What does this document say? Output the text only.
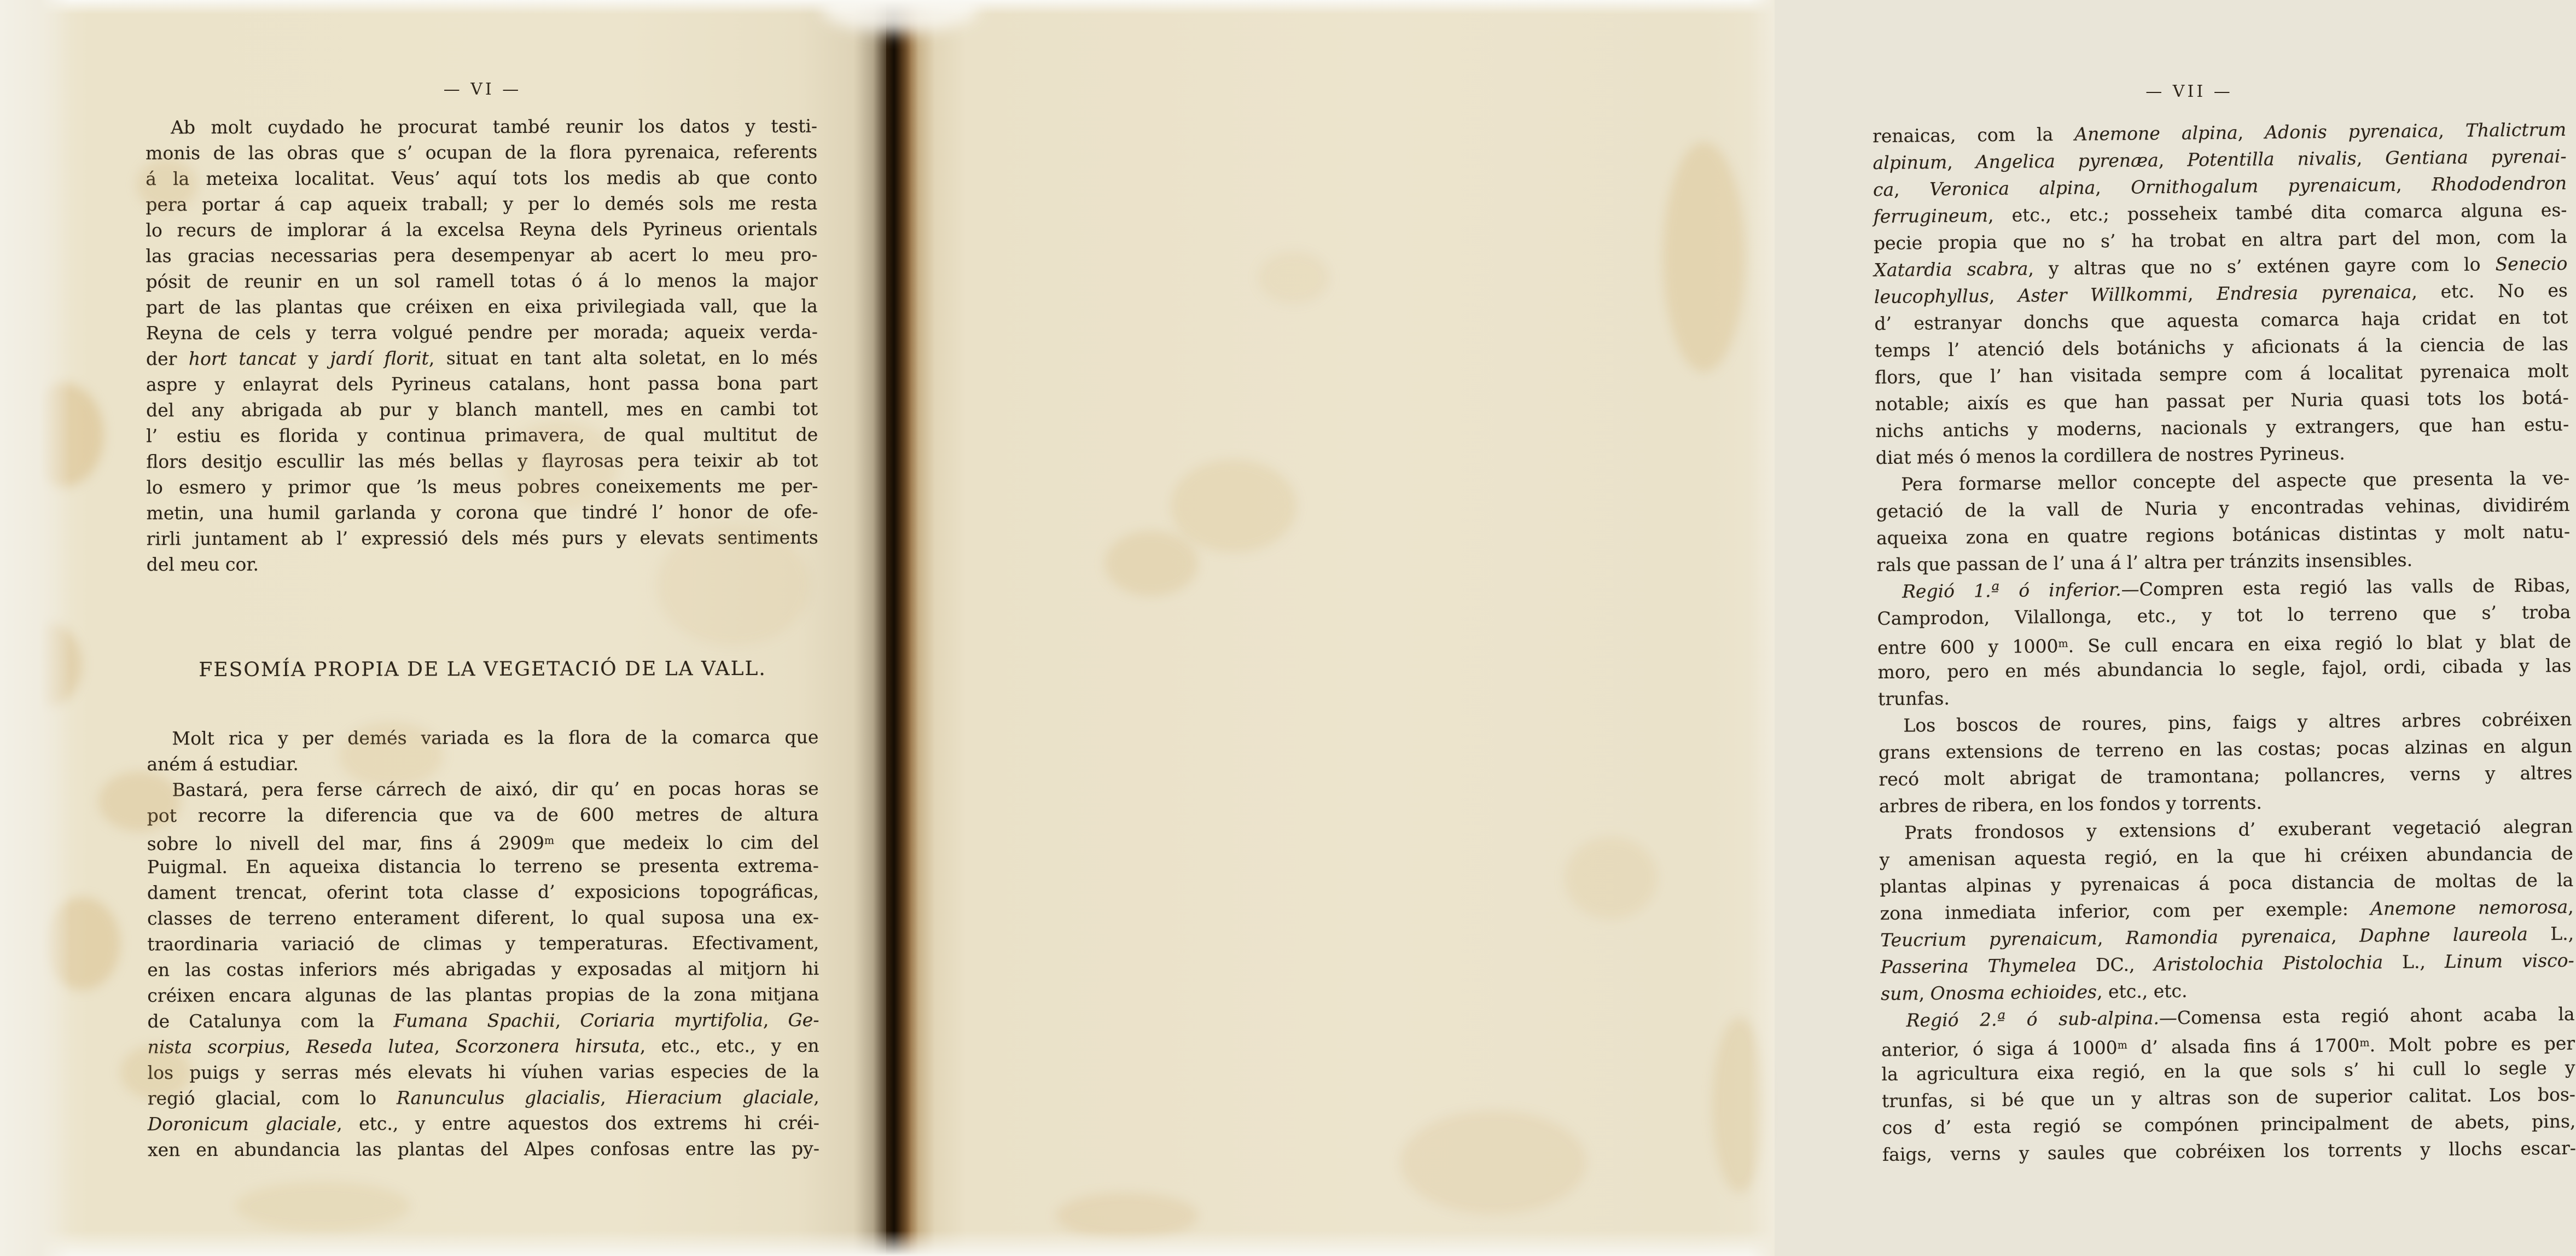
— VI —
Ab molt cuydado he procurat també reunir los datos y testi-
monis de las obras que s’ ocupan de la flora pyrenaica, referents
á la meteixa localitat. Veus’ aquí tots los medis ab que conto
pera portar á cap aqueix traball; y per lo demés sols me resta
lo recurs de implorar á la excelsa Reyna dels Pyrineus orientals
las gracias necessarias pera desempenyar ab acert lo meu pro-
pósit de reunir en un sol ramell totas ó á lo menos la major
part de las plantas que créixen en eixa privilegiada vall, que la
Reyna de cels y terra volgué pendre per morada; aqueix verda-
der hort tancat y jardí florit, situat en tant alta soletat, en lo més
aspre y enlayrat dels Pyrineus catalans, hont passa bona part
del any abrigada ab pur y blanch mantell, mes en cambi tot
l’ estiu es florida y continua primavera, de qual multitut de
flors desitjo escullir las més bellas y flayrosas pera teixir ab tot
lo esmero y primor que ’ls meus pobres coneixements me per-
metin, una humil garlanda y corona que tindré l’ honor de ofe-
rirli juntament ab l’ expressió dels més purs y elevats sentiments
del meu cor.
FESOMÍA PROPIA DE LA VEGETACIÓ DE LA VALL.
Molt rica y per demés variada es la flora de la comarca que
aném á estudiar.
Bastará, pera ferse cárrech de aixó, dir qu’ en pocas horas se
pot recorre la diferencia que va de 600 metres de altura
sobre lo nivell del mar, fins á 2909$^m$ que medeix lo cim del
Puigmal. En aqueixa distancia lo terreno se presenta extrema-
dament trencat, oferint tota classe d’ exposicions topográficas,
classes de terreno enterament diferent, lo qual suposa una ex-
traordinaria variació de climas y temperaturas. Efectivament,
en las costas inferiors més abrigadas y exposadas al mitjorn hi
créixen encara algunas de las plantas propias de la zona mitjana
de Catalunya com la Fumana Spachii, Coriaria myrtifolia, Ge-
nista scorpius, Reseda lutea, Scorzonera hirsuta, etc., etc., y en
los puigs y serras més elevats hi víuhen varias especies de la
regió glacial, com lo Ranunculus glacialis, Hieracium glaciale,
Doronicum glaciale, etc., y entre aquestos dos extrems hi créi-
xen en abundancia las plantas del Alpes confosas entre las py-
— VII —
renaicas, com la Anemone alpina, Adonis pyrenaica, Thalictrum
alpinum, Angelica pyrenæa, Potentilla nivalis, Gentiana pyrenai-
ca, Veronica alpina, Ornithogalum pyrenaicum, Rhododendron
ferrugineum, etc., etc.; posseheix també dita comarca alguna es-
pecie propia que no s’ ha trobat en altra part del mon, com la
Xatardia scabra, y altras que no s’ exténen gayre com lo Senecio
leucophyllus, Aster Willkommi, Endresia pyrenaica, etc. No es
d’ estranyar donchs que aquesta comarca haja cridat en tot
temps l’ atenció dels botánichs y aficionats á la ciencia de las
flors, que l’ han visitada sempre com á localitat pyrenaica molt
notable; aixís es que han passat per Nuria quasi tots los botá-
nichs antichs y moderns, nacionals y extrangers, que han estu-
diat més ó menos la cordillera de nostres Pyrineus.
Pera formarse mellor concepte del aspecte que presenta la ve-
getació de la vall de Nuria y encontradas vehinas, dividirém
aqueixa zona en quatre regions botánicas distintas y molt natu-
rals que passan de l’ una á l’ altra per tránzits insensibles.
Regió 1.ª ó inferior.—Compren esta regió las valls de Ribas,
Camprodon, Vilallonga, etc., y tot lo terreno que s’ troba
entre 600 y 1000$^m$. Se cull encara en eixa regió lo blat y blat de
moro, pero en més abundancia lo segle, fajol, ordi, cibada y las
trunfas.
Los boscos de roures, pins, faigs y altres arbres cobréixen
grans extensions de terreno en las costas; pocas alzinas en algun
recó molt abrigat de tramontana; pollancres, verns y altres
arbres de ribera, en los fondos y torrents.
Prats frondosos y extensions d’ exuberant vegetació alegran
y amenisan aquesta regió, en la que hi créixen abundancia de
plantas alpinas y pyrenaicas á poca distancia de moltas de la
zona inmediata inferior, com per exemple: Anemone nemorosa,
Teucrium pyrenaicum, Ramondia pyrenaica, Daphne laureola L.,
Passerina Thymelea DC., Aristolochia Pistolochia L., Linum visco-
sum, Onosma echioides, etc., etc.
Regió 2.ª ó sub-alpina.—Comensa esta regió ahont acaba la
anterior, ó siga á 1000$^m$ d’ alsada fins á 1700$^m$. Molt pobre es per
la agricultura eixa regió, en la que sols s’ hi cull lo segle y
trunfas, si bé que un y altras son de superior calitat. Los bos-
cos d’ esta regió se compónen principalment de abets, pins,
faigs, verns y saules que cobréixen los torrents y llochs escar-
